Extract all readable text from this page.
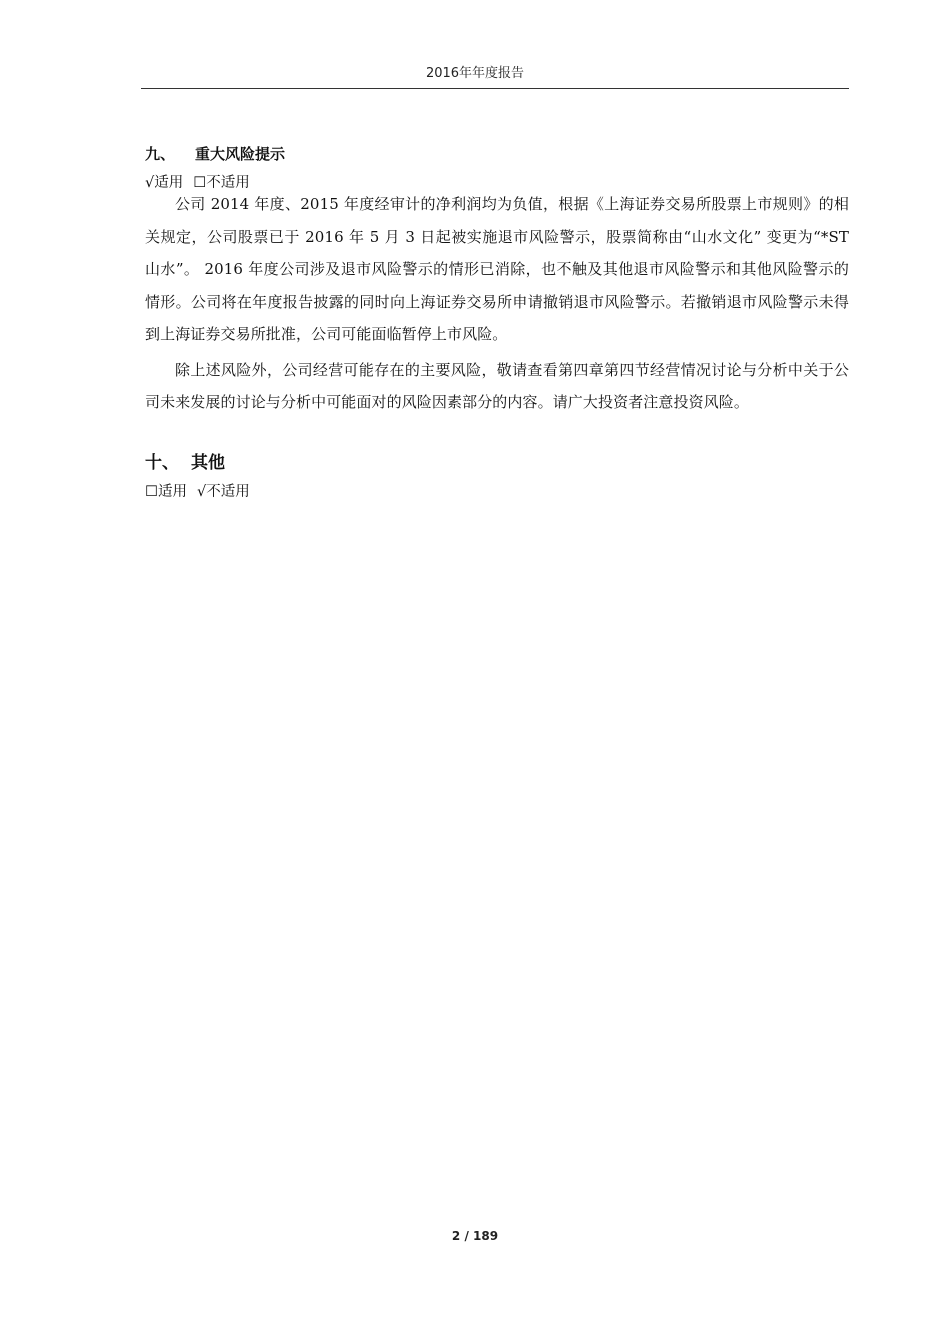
2016年年度报告
九、 重大风险提示
√适用 ☐不适用

公司 2014 年度、2015 年度经审计的净利润均为负值，根据《上海证券交易所股票上市规则》的相关规定，公司股票已于 2016 年 5 月 3 日起被实施退市风险警示，股票简称由“山水文化” 变更为“*ST 山水”。 2016 年度公司涉及退市风险警示的情形已消除，也不触及其他退市风险警示和其他风险警示的情形。公司将在年度报告披露的同时向上海证券交易所申请撤销退市风险警示。若撤销退市风险警示未得到上海证券交易所批准，公司可能面临暂停上市风险。

除上述风险外，公司经营可能存在的主要风险，敬请查看第四章第四节经营情况讨论与分析中关于公司未来发展的讨论与分析中可能面对的风险因素部分的内容。请广大投资者注意投资风险。

十、 其他
☐适用 √不适用
2 / 189
